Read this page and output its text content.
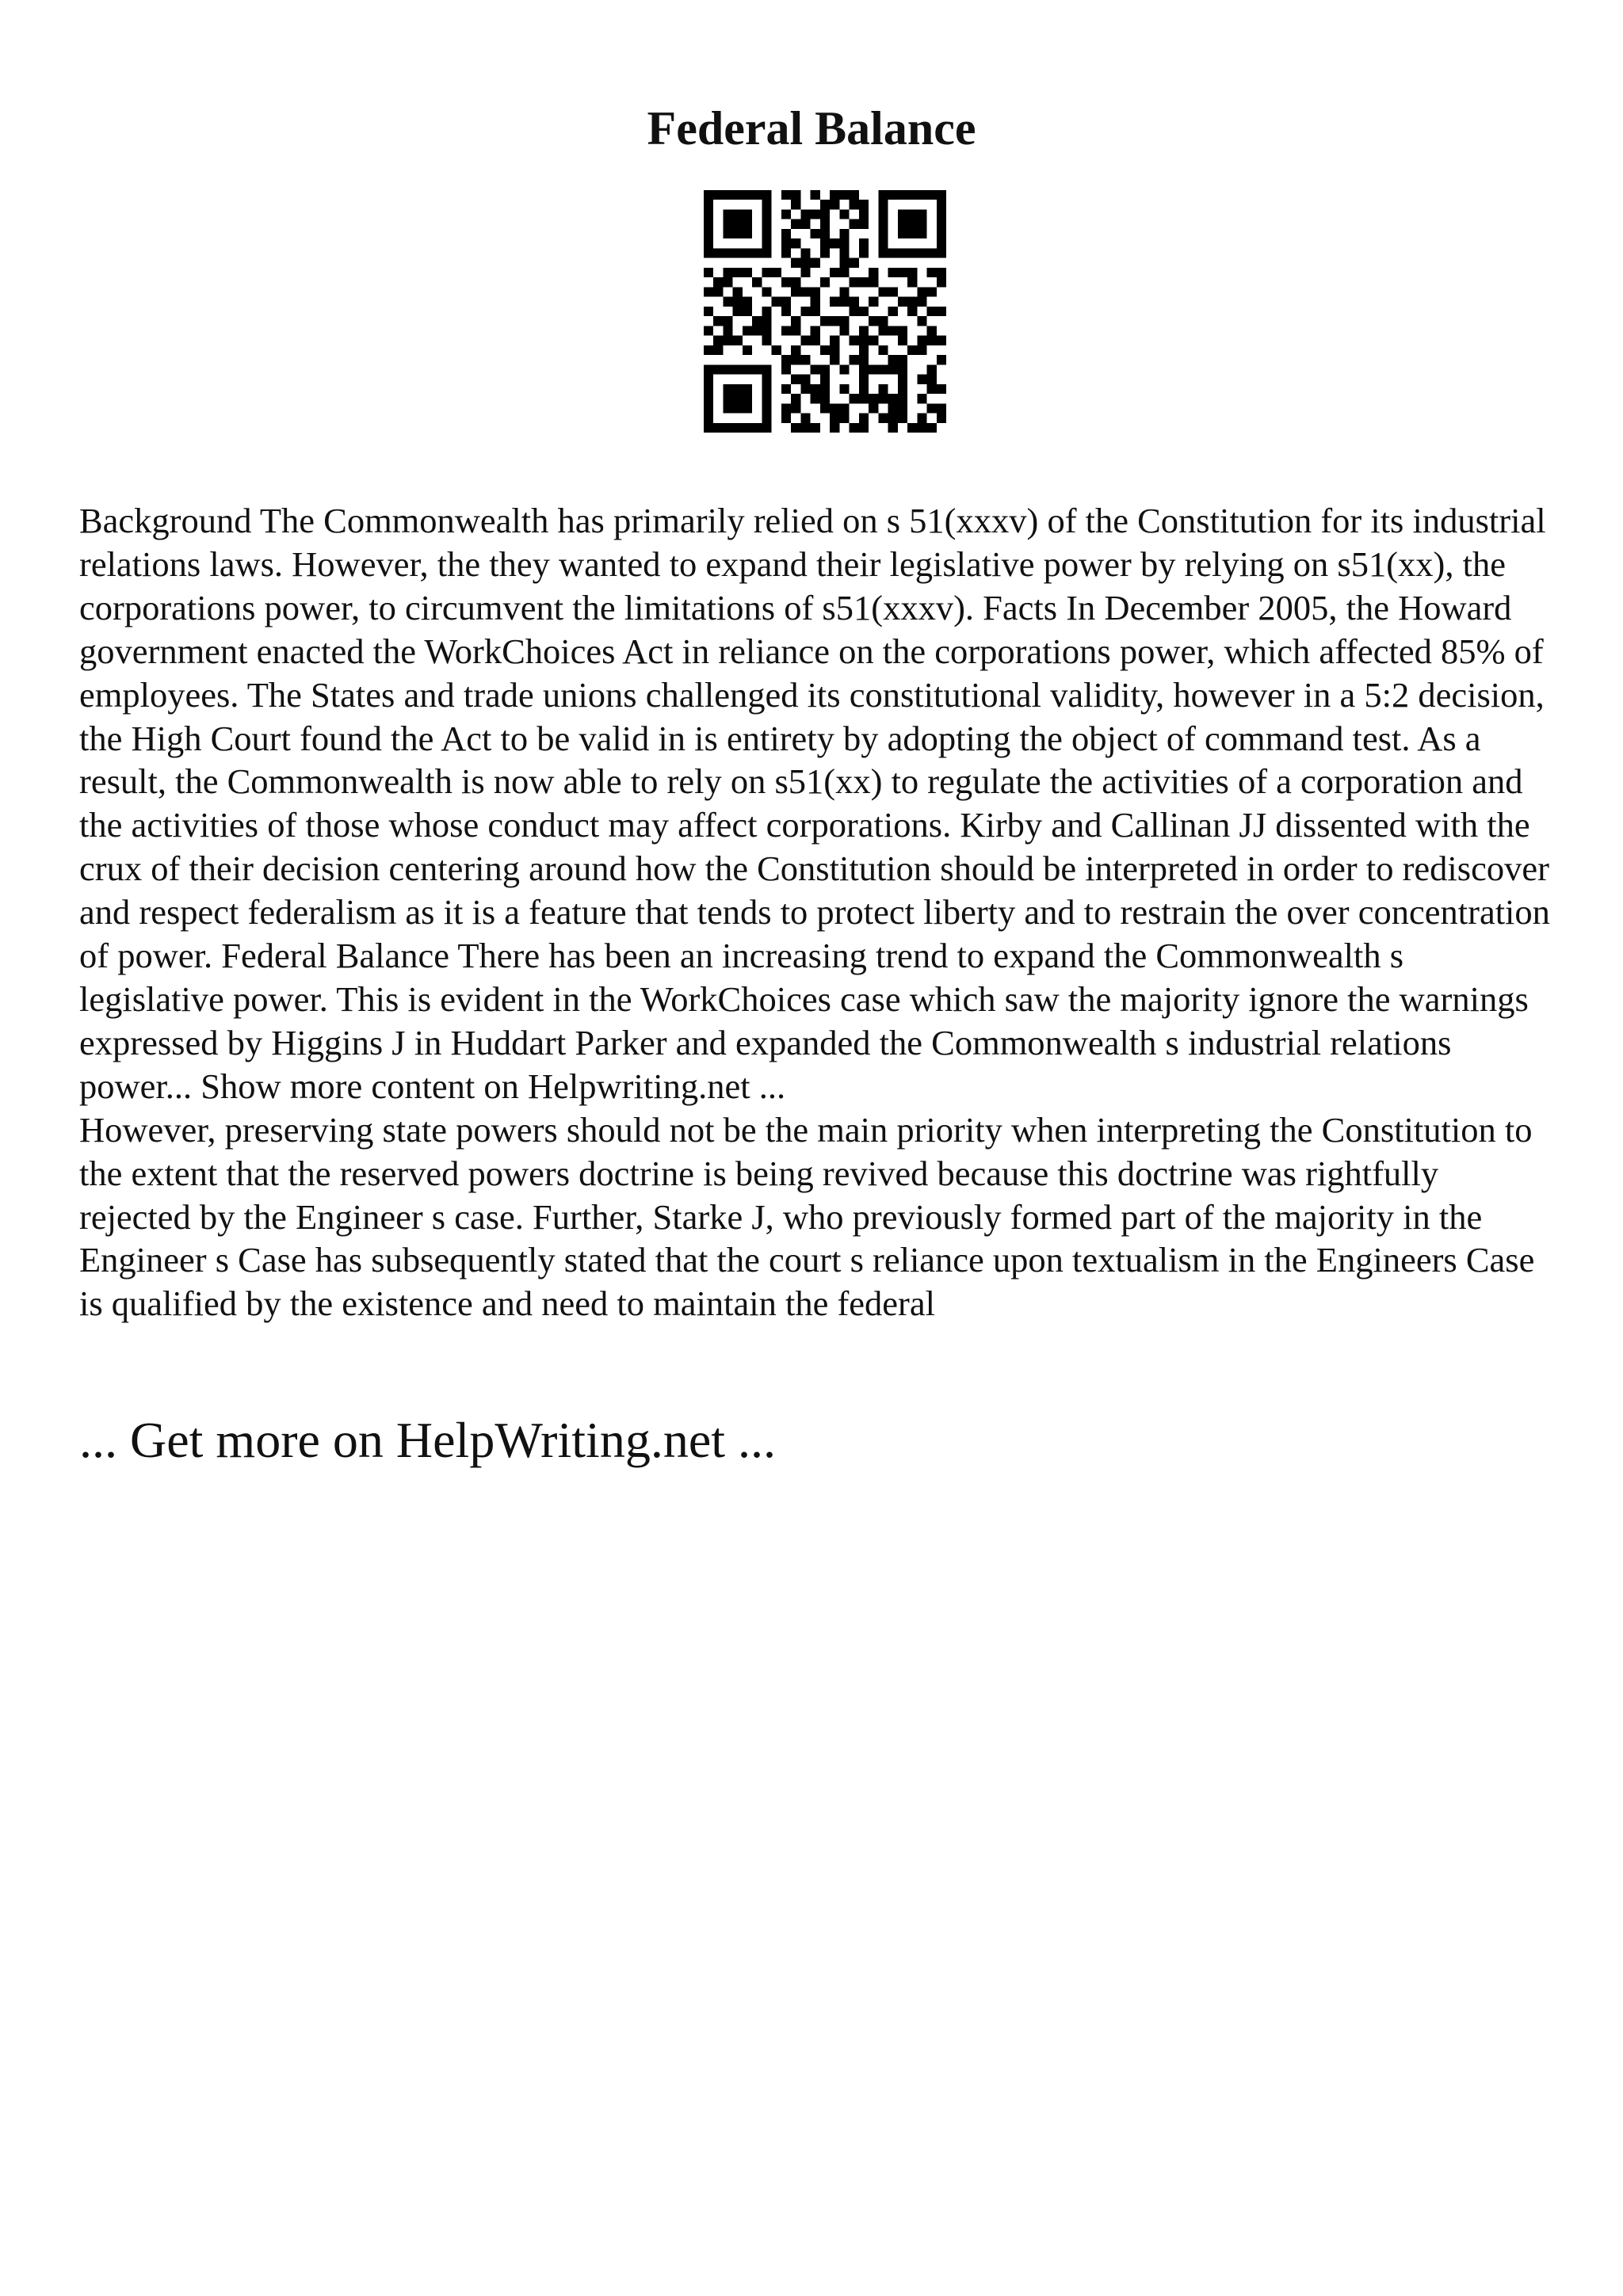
Federal Balance

Background The Commonwealth has primarily relied on s 51(xxxv) of the Constitution for its industrial relations laws. However, the they wanted to expand their legislative power by relying on s51(xx), the corporations power, to circumvent the limitations of s51(xxxv). Facts In December 2005, the Howard government enacted the WorkChoices Act in reliance on the corporations power, which affected 85% of employees. The States and trade unions challenged its constitutional validity, however in a 5:2 decision, the High Court found the Act to be valid in is entirety by adopting the object of command test. As a result, the Commonwealth is now able to rely on s51(xx) to regulate the activities of a corporation and the activities of those whose conduct may affect corporations. Kirby and Callinan JJ dissented with the crux of their decision centering around how the Constitution should be interpreted in order to rediscover and respect federalism as it is a feature that tends to protect liberty and to restrain the over concentration of power. Federal Balance There has been an increasing trend to expand the Commonwealth s legislative power. This is evident in the WorkChoices case which saw the majority ignore the warnings expressed by Higgins J in Huddart Parker and expanded the Commonwealth s industrial relations power... Show more content on Helpwriting.net ...

However, preserving state powers should not be the main priority when interpreting the Constitution to the extent that the reserved powers doctrine is being revived because this doctrine was rightfully rejected by the Engineer s case. Further, Starke J, who previously formed part of the majority in the Engineer s Case has subsequently stated that the court s reliance upon textualism in the Engineers Case is qualified by the existence and need to maintain the federal

... Get more on HelpWriting.net ...
